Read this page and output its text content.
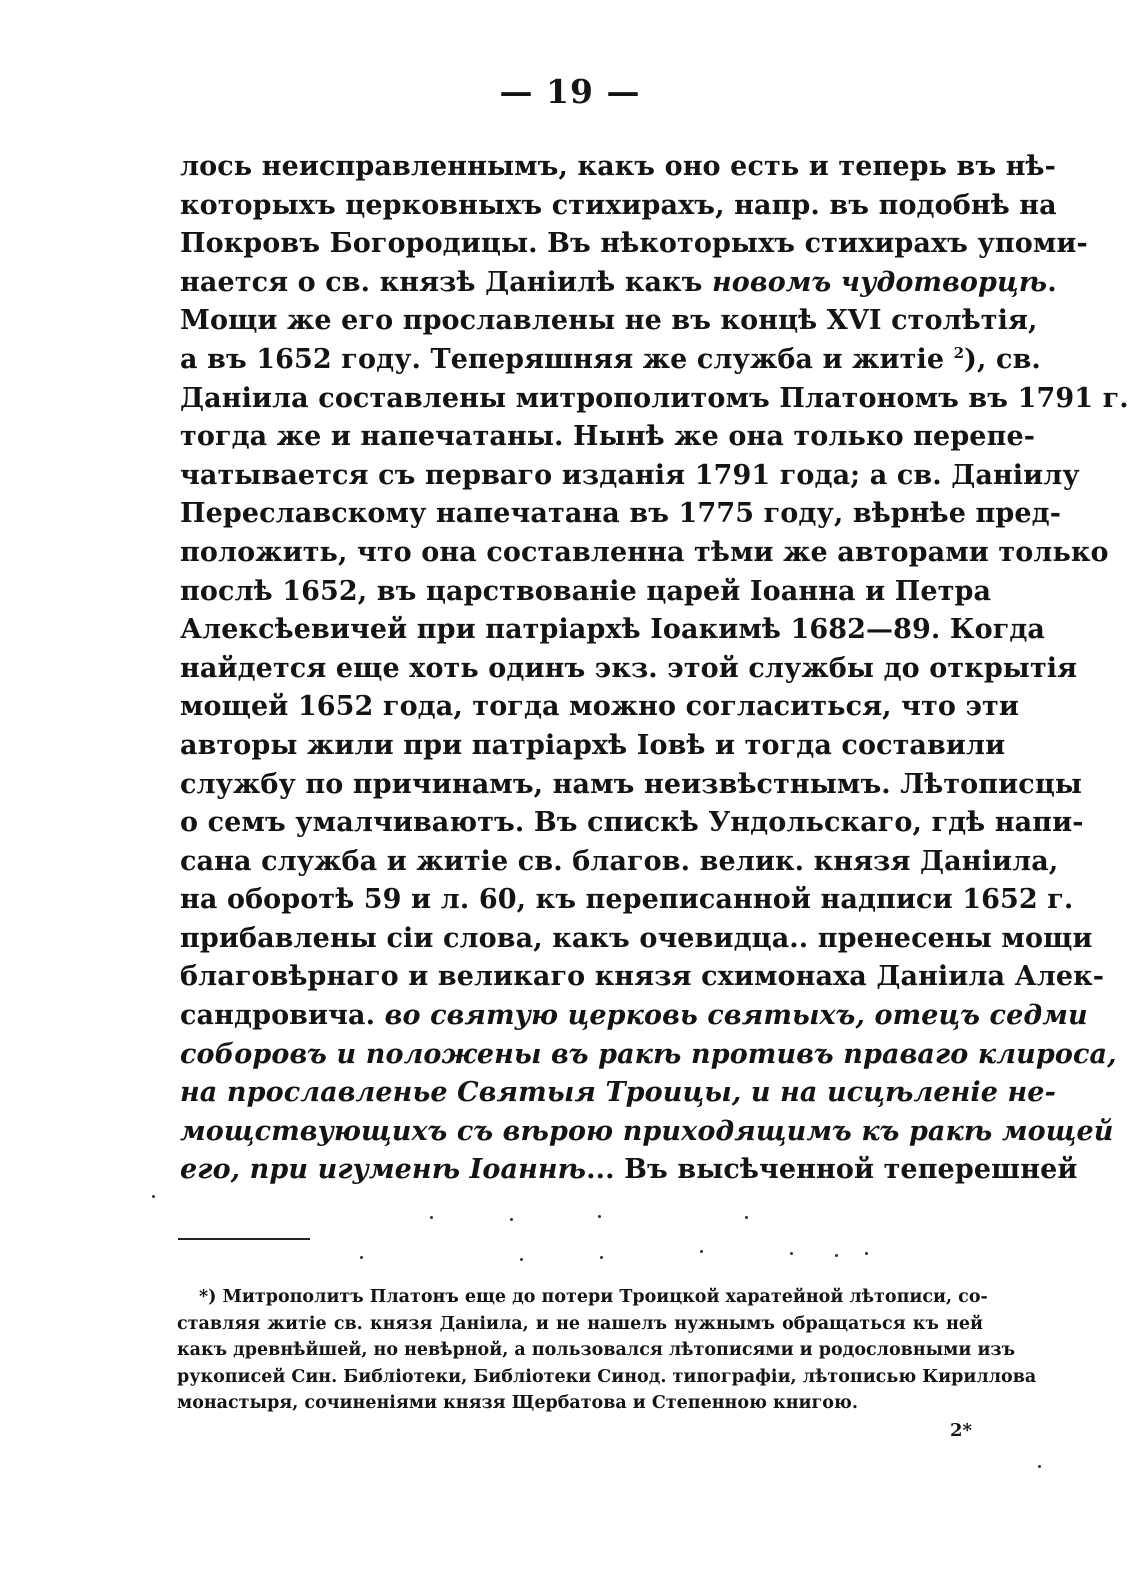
— 19 —
лось неисправленнымъ, какъ оно есть и теперь въ нѣ-
которыхъ церковныхъ стихирахъ, напр. въ подобнѣ на
Покровъ Богородицы. Въ нѣкоторыхъ стихирахъ упоми-
нается о св. князѣ Даніилѣ какъ новомъ чудотворцѣ.
Мощи же его прославлены не въ концѣ XVI столѣтія,
а въ 1652 году. Теперяшняя же служба и житіе $^2$), св.
Даніила составлены митрополитомъ Платономъ въ 1791 г.
тогда же и напечатаны. Нынѣ же она только перепе-
чатывается съ перваго изданія 1791 года; а св. Даніилу
Переславскому напечатана въ 1775 году, вѣрнѣе пред-
положить, что она составленна тѣми же авторами только
послѣ 1652, въ царствованіе царей Іоанна и Петра
Алексѣевичей при патріархѣ Іоакимѣ 1682—89. Когда
найдется еще хоть одинъ экз. этой службы до открытія
мощей 1652 года, тогда можно согласиться, что эти
авторы жили при патріархѣ Іовѣ и тогда составили
службу по причинамъ, намъ неизвѣстнымъ. Лѣтописцы
о семъ умалчиваютъ. Въ спискѣ Ундольскаго, гдѣ напи-
сана служба и житіе св. благов. велик. князя Даніила,
на оборотѣ 59 и л. 60, къ переписанной надписи 1652 г.
прибавлены сіи слова, какъ очевидца.. пренесены мощи
благовѣрнаго и великаго князя схимонаха Даніила Алек-
сандровича. во святую церковь святыхъ, отецъ седми
соборовъ и положены въ ракѣ противъ праваго клироса,
на прославленье Святыя Троицы, и на исцѣленіе не-
мощствующихъ съ вѣрою приходящимъ къ ракѣ мощей
его, при игуменѣ Іоаннѣ... Въ высѣченной теперешней
*) Митрополитъ Платонъ еще до потери Троицкой харатейной лѣтописи, со-
ставляя житіе св. князя Даніила, и не нашелъ нужнымъ обращаться къ ней
какъ древнѣйшей, но невѣрной, а пользовался лѣтописями и родословными изъ
рукописей Син. Библіотеки, Библіотеки Синод. типографіи, лѣтописью Кириллова
монастыря, сочиненіями князя Щербатова и Степенною книгою.
2*
